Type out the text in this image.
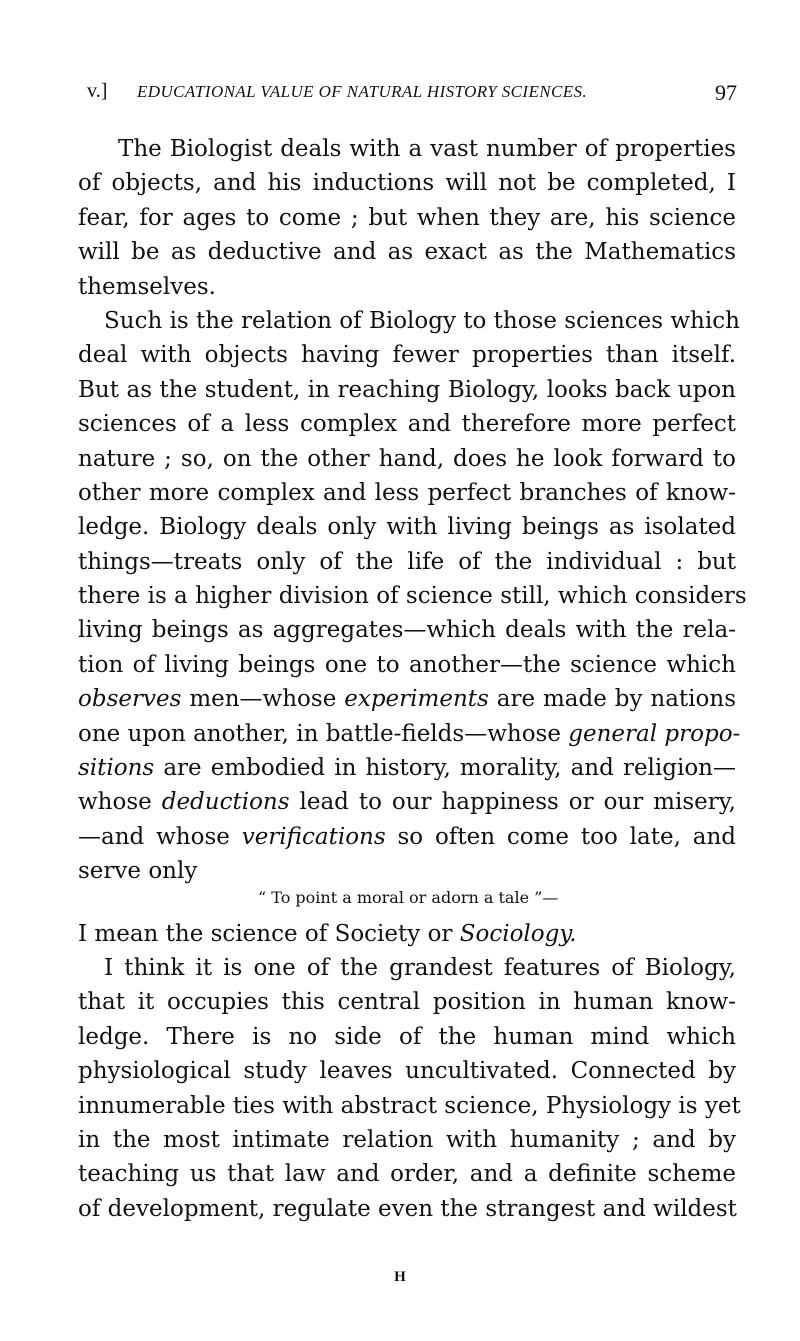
v.] EDUCATIONAL VALUE OF NATURAL HISTORY SCIENCES.	97
The Biologist deals with a vast number of properties
of objects, and his inductions will not be completed, I
fear, for ages to come ; but when they are, his science
will be as deductive and as exact as the Mathematics
themselves.
Such is the relation of Biology to those sciences which
deal with objects having fewer properties than itself.
But as the student, in reaching Biology, looks back upon
sciences of a less complex and therefore more perfect
nature ; so, on the other hand, does he look forward to
other more complex and less perfect branches of know-
ledge. Biology deals only with living beings as isolated
things—treats only of the life of the individual : but
there is a higher division of science still, which considers
living beings as aggregates—which deals with the rela-
tion of living beings one to another—the science which
observes men—whose experiments are made by nations
one upon another, in battle-fields—whose general propo-
sitions are embodied in history, morality, and religion—
whose deductions lead to our happiness or our misery,
—and whose verifications so often come too late, and
serve only
“ To point a moral or adorn a tale ”—
I mean the science of Society or Sociology.
I think it is one of the grandest features of Biology,
that it occupies this central position in human know-
ledge. There is no side of the human mind which
physiological study leaves uncultivated. Connected by
innumerable ties with abstract science, Physiology is yet
in the most intimate relation with humanity ; and by
teaching us that law and order, and a definite scheme
of development, regulate even the strangest and wildest
H
